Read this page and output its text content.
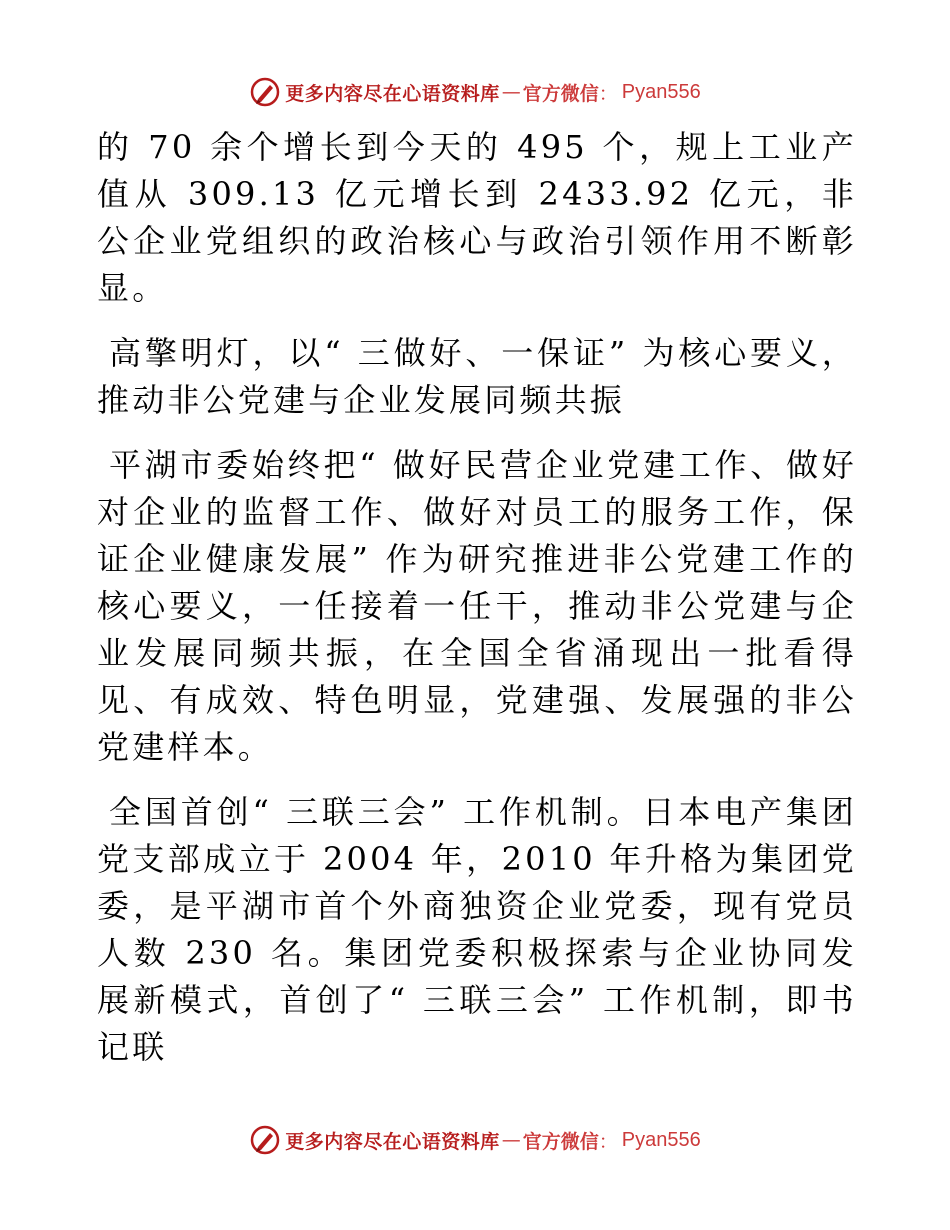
更多内容尽在心语资料库 — 官方微信 ： Pyan556

的 70 余个增长到今天的 495 个，规上工业产值从 309.13 亿元增长到 2433.92 亿元，非公企业党组织的政治核心与政治引领作用不断彰显。

高擎明灯，以“ 三做好、一保证” 为核心要义，推动非公党建与企业发展同频共振

平湖市委始终把“ 做好民营企业党建工作、做好对企业的监督工作、做好对员工的服务工作，保证企业健康发展” 作为研究推进非公党建工作的核心要义，一任接着一任干，推动非公党建与企业发展同频共振，在全国全省涌现出一批看得见、有成效、特色明显，党建强、发展强的非公党建样本。

全国首创“ 三联三会” 工作机制。日本电产集团党支部成立于 2004 年，2010 年升格为集团党委，是平湖市首个外商独资企业党委，现有党员人数 230 名。集团党委积极探索与企业协同发展新模式，首创了“ 三联三会” 工作机制，即书记联

更多内容尽在心语资料库 — 官方微信 ： Pyan556
